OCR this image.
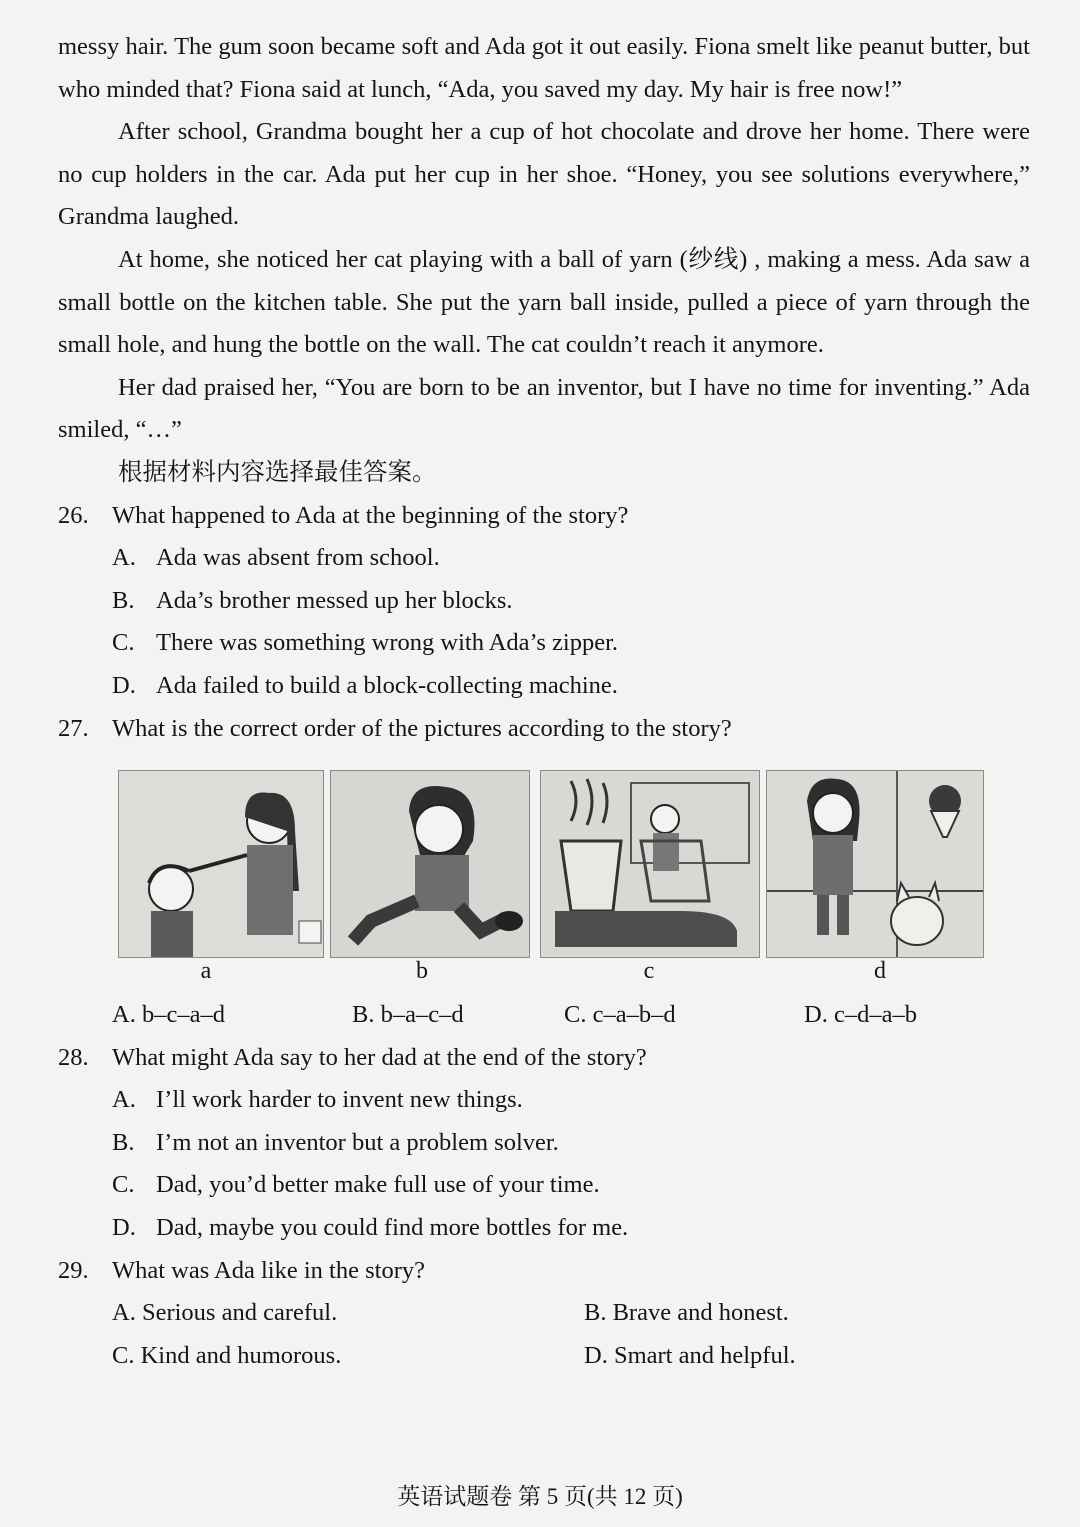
messy hair. The gum soon became soft and Ada got it out easily. Fiona smelt like peanut butter, but who minded that? Fiona said at lunch, “Ada, you saved my day. My hair is free now!”

After school, Grandma bought her a cup of hot chocolate and drove her home. There were no cup holders in the car. Ada put her cup in her shoe. “Honey, you see solutions everywhere,” Grandma laughed.

At home, she noticed her cat playing with a ball of yarn (纱线) , making a mess. Ada saw a small bottle on the kitchen table. She put the yarn ball inside, pulled a piece of yarn through the small hole, and hung the bottle on the wall. The cat couldn’t reach it anymore.

Her dad praised her, “You are born to be an inventor, but I have no time for inventing.” Ada smiled, “…”

根据材料内容选择最佳答案。

26. What happened to Ada at the beginning of the story?
A. Ada was absent from school.
B. Ada’s brother messed up her blocks.
C. There was something wrong with Ada’s zipper.
D. Ada failed to build a block-collecting machine.
27. What is the correct order of the pictures according to the story?
a	b	c	d
A. b–c–a–d	B. b–a–c–d	C. c–a–b–d	D. c–d–a–b
28. What might Ada say to her dad at the end of the story?
A. I’ll work harder to invent new things.
B. I’m not an inventor but a problem solver.
C. Dad, you’d better make full use of your time.
D. Dad, maybe you could find more bottles for me.
29. What was Ada like in the story?
A. Serious and careful.	B. Brave and honest.
C. Kind and humorous.	D. Smart and helpful.
英语试题卷 第 5 页(共 12 页)
